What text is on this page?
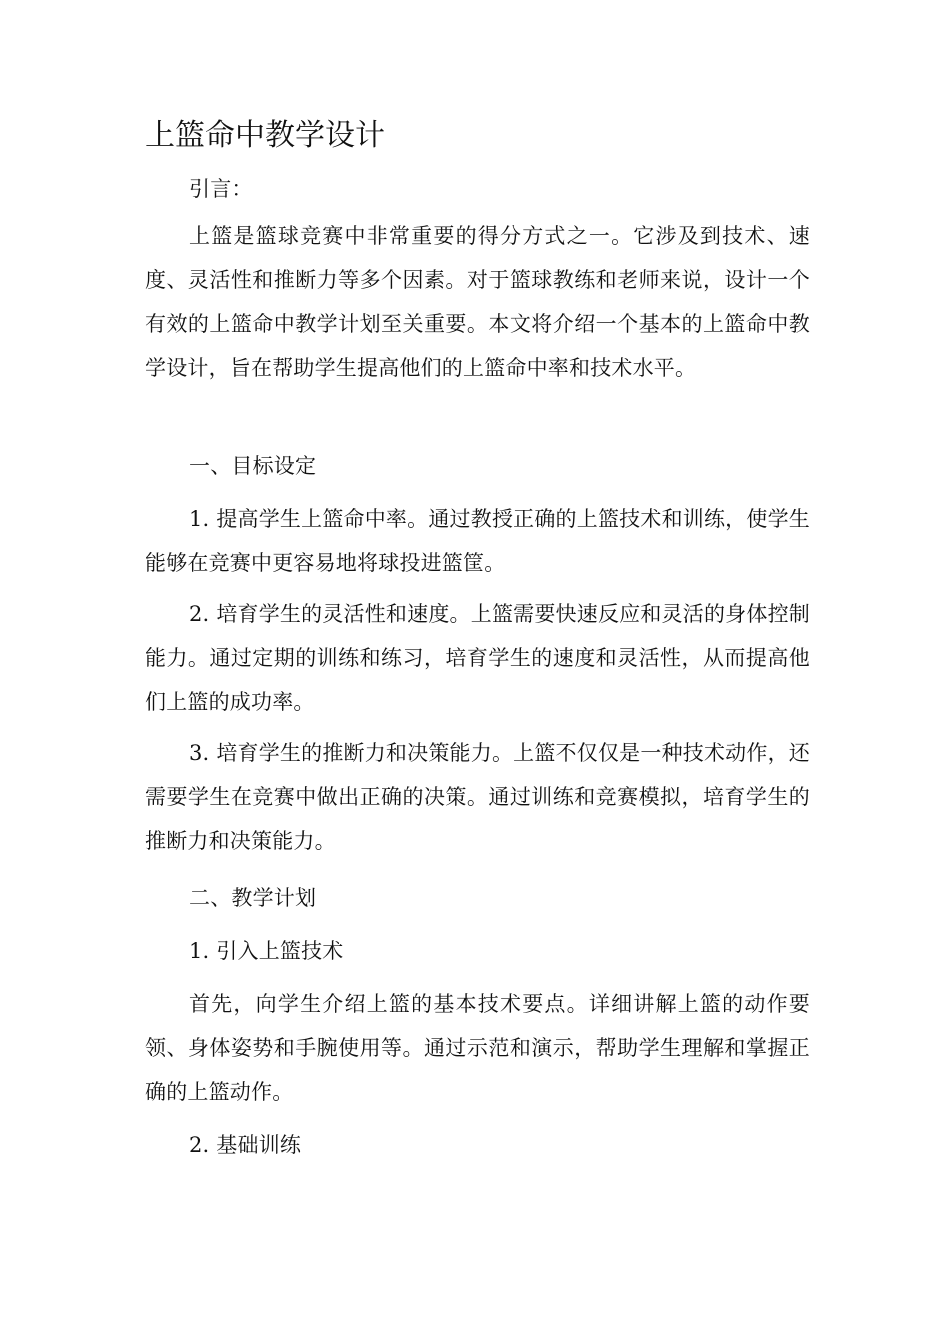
上篮命中教学设计

引言：

上篮是篮球竞赛中非常重要的得分方式之一。它涉及到技术、速度、灵活性和推断力等多个因素。对于篮球教练和老师来说，设计一个有效的上篮命中教学计划至关重要。本文将介绍一个基本的上篮命中教学设计，旨在帮助学生提高他们的上篮命中率和技术水平。

一、目标设定

1. 提高学生上篮命中率。通过教授正确的上篮技术和训练，使学生能够在竞赛中更容易地将球投进篮筐。

2. 培育学生的灵活性和速度。上篮需要快速反应和灵活的身体控制能力。通过定期的训练和练习，培育学生的速度和灵活性，从而提高他们上篮的成功率。

3. 培育学生的推断力和决策能力。上篮不仅仅是一种技术动作，还需要学生在竞赛中做出正确的决策。通过训练和竞赛模拟，培育学生的推断力和决策能力。

二、教学计划

1. 引入上篮技术

首先，向学生介绍上篮的基本技术要点。详细讲解上篮的动作要领、身体姿势和手腕使用等。通过示范和演示，帮助学生理解和掌握正确的上篮动作。

2. 基础训练
